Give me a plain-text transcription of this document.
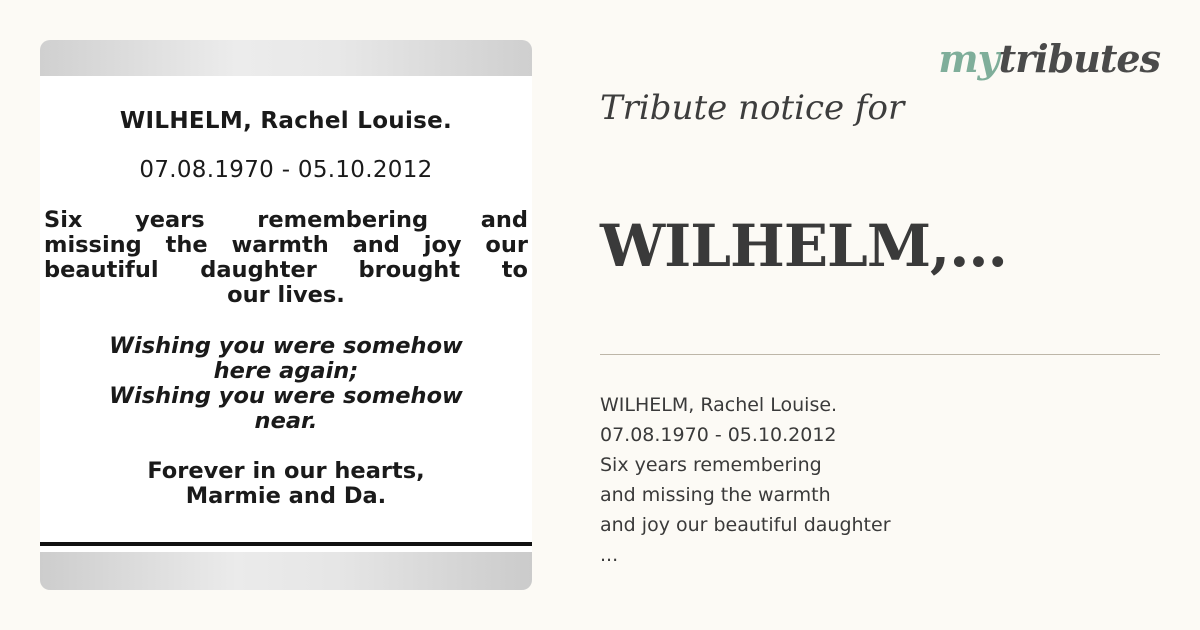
WILHELM, Rachel Louise.
07.08.1970 - 05.10.2012
Six years remembering and
missing the warmth and joy our
beautiful daughter brought to
our lives.
Wishing you were somehow
here again;
Wishing you were somehow
near.
Forever in our hearts,
Marmie and Da.
mytributes
Tribute notice for
WILHELM,...
WILHELM, Rachel Louise.
07.08.1970 - 05.10.2012
Six years remembering
and missing the warmth
and joy our beautiful daughter
...
